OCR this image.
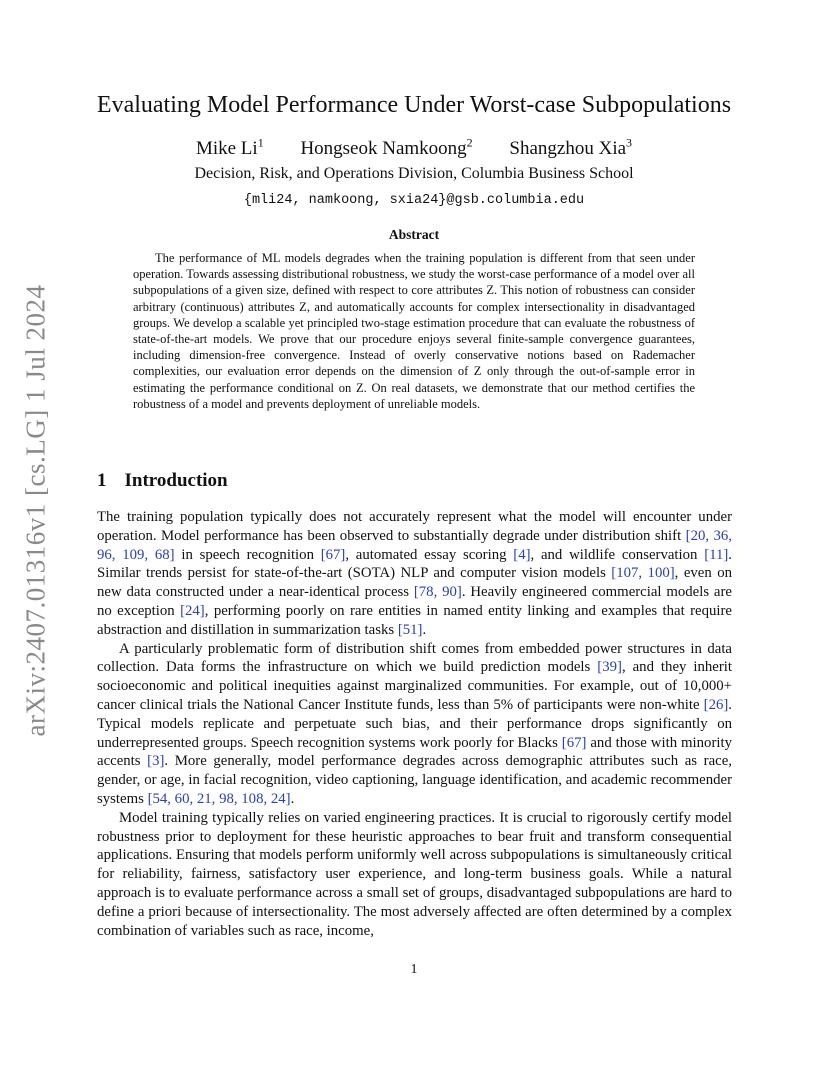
arXiv:2407.01316v1 [cs.LG] 1 Jul 2024
Evaluating Model Performance Under Worst-case Subpopulations
Mike Li$^1$ Hongseok Namkoong$^2$ Shangzhou Xia$^3$
Decision, Risk, and Operations Division, Columbia Business School
{mli24, namkoong, sxia24}@gsb.columbia.edu
Abstract

The performance of ML models degrades when the training population is different from that seen under operation. Towards assessing distributional robustness, we study the worst-case performance of a model over all subpopulations of a given size, defined with respect to core attributes Z. This notion of robustness can consider arbitrary (continuous) attributes Z, and automatically accounts for complex intersectionality in disadvantaged groups. We develop a scalable yet principled two-stage estimation procedure that can evaluate the robustness of state-of-the-art models. We prove that our procedure enjoys several finite-sample convergence guarantees, including dimension-free convergence. Instead of overly conservative notions based on Rademacher complexities, our evaluation error depends on the dimension of Z only through the out-of-sample error in estimating the performance conditional on Z. On real datasets, we demonstrate that our method certifies the robustness of a model and prevents deployment of unreliable models.

1 Introduction

The training population typically does not accurately represent what the model will encounter under operation. Model performance has been observed to substantially degrade under distribution shift [20, 36, 96, 109, 68] in speech recognition [67], automated essay scoring [4], and wildlife conservation [11]. Similar trends persist for state-of-the-art (SOTA) NLP and computer vision models [107, 100], even on new data constructed under a near-identical process [78, 90]. Heavily engineered commercial models are no exception [24], performing poorly on rare entities in named entity linking and examples that require abstraction and distillation in summarization tasks [51].

A particularly problematic form of distribution shift comes from embedded power structures in data collection. Data forms the infrastructure on which we build prediction models [39], and they inherit socioeconomic and political inequities against marginalized communities. For example, out of 10,000+ cancer clinical trials the National Cancer Institute funds, less than 5% of participants were non-white [26]. Typical models replicate and perpetuate such bias, and their performance drops significantly on underrepresented groups. Speech recognition systems work poorly for Blacks [67] and those with minority accents [3]. More generally, model performance degrades across demographic attributes such as race, gender, or age, in facial recognition, video captioning, language identification, and academic recommender systems [54, 60, 21, 98, 108, 24].

Model training typically relies on varied engineering practices. It is crucial to rigorously certify model robustness prior to deployment for these heuristic approaches to bear fruit and transform consequential applications. Ensuring that models perform uniformly well across subpopulations is simultaneously critical for reliability, fairness, satisfactory user experience, and long-term business goals. While a natural approach is to evaluate performance across a small set of groups, disadvantaged subpopulations are hard to define a priori because of intersectionality. The most adversely affected are often determined by a complex combination of variables such as race, income,

1
